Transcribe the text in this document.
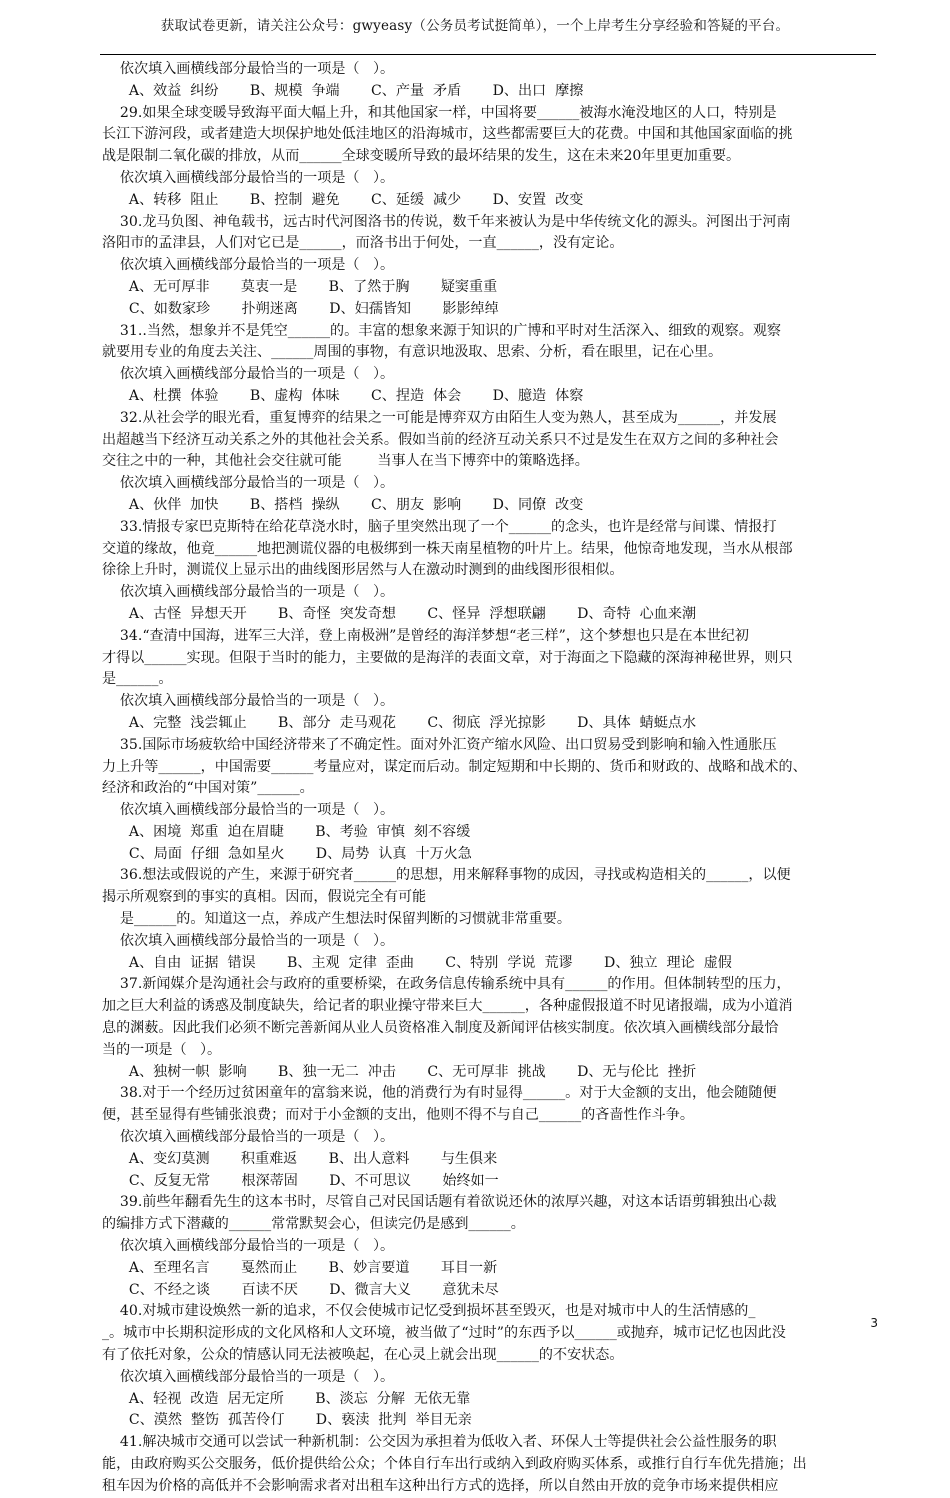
获取试卷更新，请关注公众号：gwyeasy（公务员考试挺简单），一个上岸考生分享经验和答疑的平台。
依次填入画横线部分最恰当的一项是（   ）。
A、效益  纠纷       B、规模  争端       C、产量  矛盾       D、出口  摩擦
29.如果全球变暖导致海平面大幅上升，和其他国家一样，中国将要______被海水淹没地区的人口，特别是
长江下游河段，或者建造大坝保护地处低洼地区的沿海城市，这些都需要巨大的花费。中国和其他国家面临的挑
战是限制二氧化碳的排放，从而______全球变暖所导致的最坏结果的发生，这在未来20年里更加重要。
依次填入画横线部分最恰当的一项是（   ）。
A、转移  阻止       B、控制  避免       C、延缓  减少       D、安置  改变
30.龙马负图、神龟载书，远古时代河图洛书的传说，数千年来被认为是中华传统文化的源头。河图出于河南
洛阳市的孟津县，人们对它已是______，而洛书出于何处，一直______，没有定论。
依次填入画横线部分最恰当的一项是（   ）。
A、无可厚非       莫衷一是       B、了然于胸       疑窦重重
C、如数家珍       扑朔迷离       D、妇孺皆知       影影绰绰
31..当然，想象并不是凭空______的。丰富的想象来源于知识的广博和平时对生活深入、细致的观察。观察
就要用专业的角度去关注、______周围的事物，有意识地汲取、思索、分析，看在眼里，记在心里。
依次填入画横线部分最恰当的一项是（   ）。
A、杜撰  体验       B、虚构  体味       C、捏造  体会       D、臆造  体察
32.从社会学的眼光看，重复博弈的结果之一可能是博弈双方由陌生人变为熟人，甚至成为______，并发展
出超越当下经济互动关系之外的其他社会关系。假如当前的经济互动关系只不过是发生在双方之间的多种社会
交往之中的一种，其他社会交往就可能        当事人在当下博弈中的策略选择。
依次填入画横线部分最恰当的一项是（   ）。
A、伙伴  加快       B、搭档  操纵       C、朋友  影响       D、同僚  改变
33.情报专家巴克斯特在给花草浇水时，脑子里突然出现了一个______的念头，也许是经常与间谍、情报打
交道的缘故，他竟______地把测谎仪器的电极绑到一株天南星植物的叶片上。结果，他惊奇地发现，当水从根部
徐徐上升时，测谎仪上显示出的曲线图形居然与人在激动时测到的曲线图形很相似。
依次填入画横线部分最恰当的一项是（   ）。
A、古怪  异想天开       B、奇怪  突发奇想       C、怪异  浮想联翩       D、奇特  心血来潮
34.“查清中国海，进军三大洋，登上南极洲”是曾经的海洋梦想“老三样”，这个梦想也只是在本世纪初
才得以______实现。但限于当时的能力，主要做的是海洋的表面文章，对于海面之下隐藏的深海神秘世界，则只
是______。
依次填入画横线部分最恰当的一项是（   ）。
A、完整  浅尝辄止       B、部分  走马观花       C、彻底  浮光掠影       D、具体  蜻蜓点水
35.国际市场疲软给中国经济带来了不确定性。面对外汇资产缩水风险、出口贸易受到影响和输入性通胀压
力上升等______，中国需要______考量应对，谋定而后动。制定短期和中长期的、货币和财政的、战略和战术的、
经济和政治的“中国对策”______。
依次填入画横线部分最恰当的一项是（   ）。
A、困境  郑重  迫在眉睫       B、考验  审慎  刻不容缓
C、局面  仔细  急如星火       D、局势  认真  十万火急
36.想法或假说的产生，来源于研究者______的思想，用来解释事物的成因，寻找或构造相关的______，以便
揭示所观察到的事实的真相。因而，假说完全有可能
是______的。知道这一点，养成产生想法时保留判断的习惯就非常重要。
依次填入画横线部分最恰当的一项是（   ）。
A、自由  证据  错误       B、主观  定律  歪曲       C、特别  学说  荒谬       D、独立  理论  虚假
37.新闻媒介是沟通社会与政府的重要桥梁，在政务信息传输系统中具有______的作用。但体制转型的压力，
加之巨大利益的诱惑及制度缺失，给记者的职业操守带来巨大______，各种虚假报道不时见诸报端，成为小道消
息的渊薮。因此我们必须不断完善新闻从业人员资格准入制度及新闻评估核实制度。依次填入画横线部分最恰
当的一项是（   ）。
A、独树一帜  影响       B、独一无二  冲击       C、无可厚非  挑战       D、无与伦比  挫折
38.对于一个经历过贫困童年的富翁来说，他的消费行为有时显得______。对于大金额的支出，他会随随便
便，甚至显得有些铺张浪费；而对于小金额的支出，他则不得不与自己______的吝啬性作斗争。
依次填入画横线部分最恰当的一项是（   ）。
A、变幻莫测       积重难返       B、出人意料       与生俱来
C、反复无常       根深蒂固       D、不可思议       始终如一
39.前些年翻看先生的这本书时，尽管自己对民国话题有着欲说还休的浓厚兴趣，对这本话语剪辑独出心裁
的编排方式下潜藏的______常常默契会心，但读完仍是感到______。
依次填入画横线部分最恰当的一项是（   ）。
A、至理名言       戛然而止       B、妙言要道       耳目一新
C、不经之谈       百读不厌       D、微言大义       意犹未尽
40.对城市建设焕然一新的追求，不仅会使城市记忆受到损坏甚至毁灭，也是对城市中人的生活情感的_
_。城市中长期积淀形成的文化风格和人文环境，被当做了“过时”的东西予以______或抛弃，城市记忆也因此没
有了依托对象，公众的情感认同无法被唤起，在心灵上就会出现______的不安状态。
依次填入画横线部分最恰当的一项是（   ）。
A、轻视  改造  居无定所       B、淡忘  分解  无依无靠
C、漠然  整饬  孤苦伶仃       D、亵渎  批判  举目无亲
41.解决城市交通可以尝试一种新机制：公交因为承担着为低收入者、环保人士等提供社会公益性服务的职
能，由政府购买公交服务，低价提供给公众；个体自行车出行或纳入到政府购买体系，或推行自行车优先措施；出
租车因为价格的高低并不会影响需求者对出租车这种出行方式的选择，所以自然由开放的竞争市场来提供相应
3
